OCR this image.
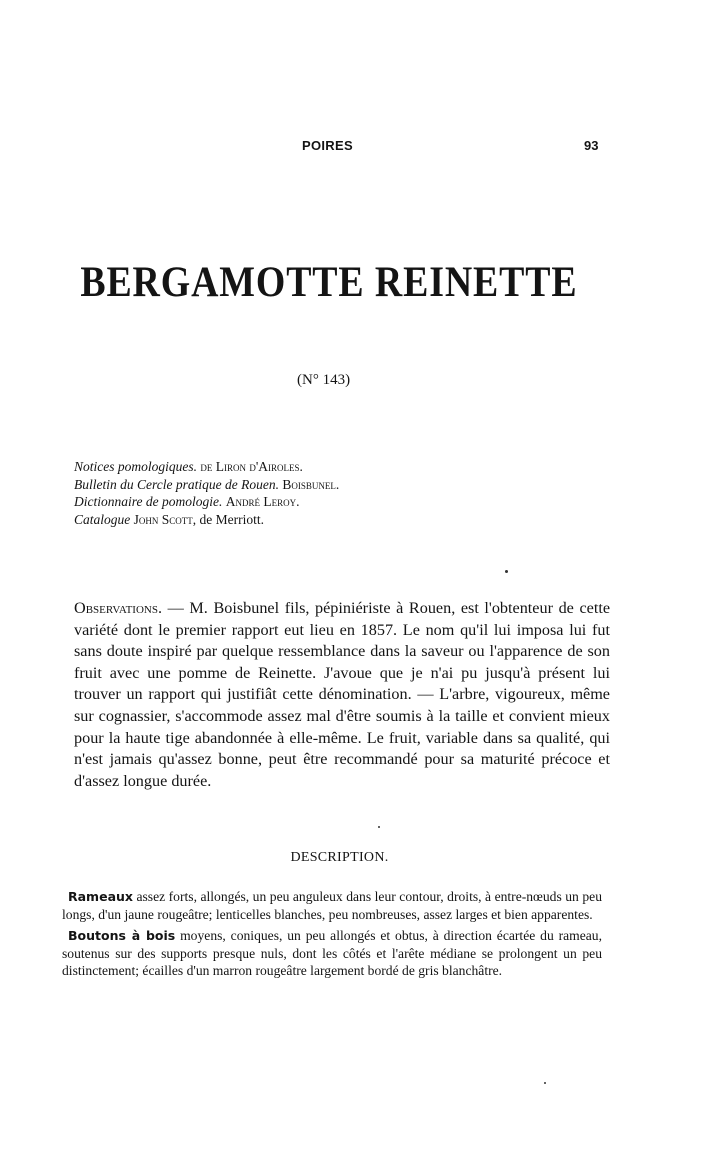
POIRES	93
BERGAMOTTE REINETTE
(N° 143)
Notices pomologiques. de Liron d'Airoles.
Bulletin du Cercle pratique de Rouen. Boisbunel.
Dictionnaire de pomologie. André Leroy.
Catalogue John Scott, de Merriott.
Observations. — M. Boisbunel fils, pépiniériste à Rouen, est l'obtenteur de cette variété dont le premier rapport eut lieu en 1857. Le nom qu'il lui imposa lui fut sans doute inspiré par quelque ressemblance dans la saveur ou l'apparence de son fruit avec une pomme de Reinette. J'avoue que je n'ai pu jusqu'à présent lui trouver un rapport qui justifiât cette dénomination. — L'arbre, vigoureux, même sur cognassier, s'accommode assez mal d'être soumis à la taille et convient mieux pour la haute tige abandonnée à elle-même. Le fruit, variable dans sa qualité, qui n'est jamais qu'assez bonne, peut être recommandé pour sa maturité précoce et d'assez longue durée.
DESCRIPTION.

Rameaux assez forts, allongés, un peu anguleux dans leur contour, droits, à entre-nœuds un peu longs, d'un jaune rougeâtre; lenticelles blanches, peu nombreuses, assez larges et bien apparentes.

Boutons à bois moyens, coniques, un peu allongés et obtus, à direction écartée du rameau, soutenus sur des supports presque nuls, dont les côtés et l'arête médiane se prolongent un peu distinctement; écailles d'un marron rougeâtre largement bordé de gris blanchâtre.
